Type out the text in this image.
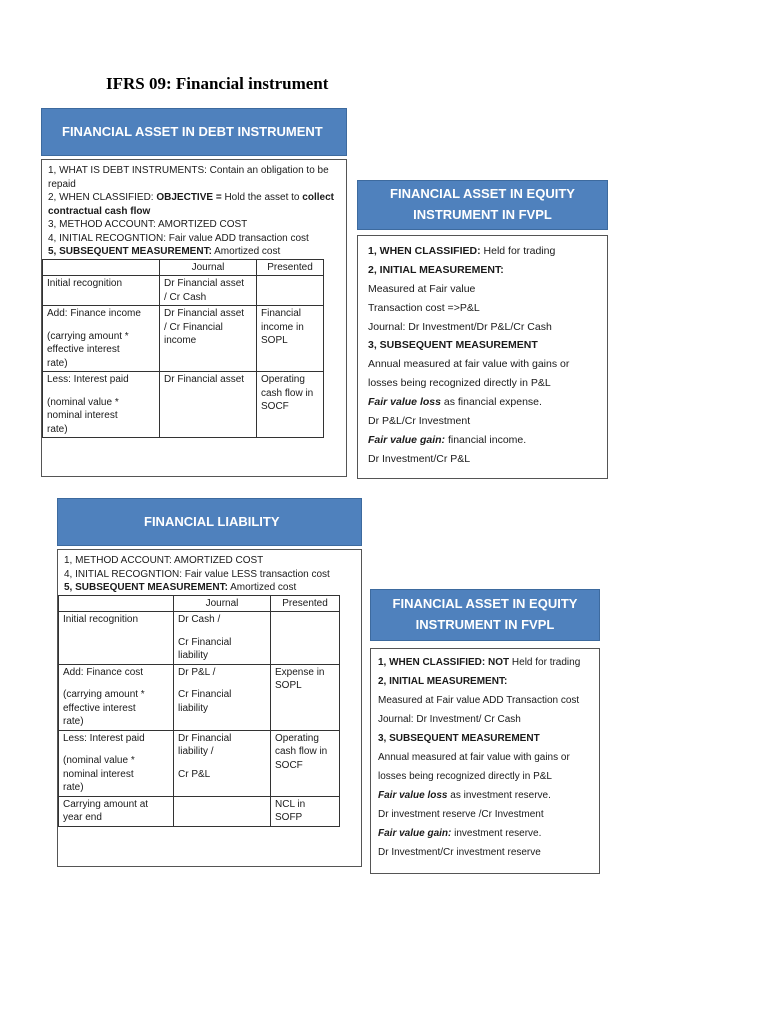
IFRS 09: Financial instrument
FINANCIAL ASSET IN DEBT INSTRUMENT

1, WHAT IS DEBT INSTRUMENTS: Contain an obligation to be repaid

2, WHEN CLASSIFIED: OBJECTIVE = Hold the asset to collect contractual cash flow

3, METHOD ACCOUNT: AMORTIZED COST

4, INITIAL RECOGNTION: Fair value ADD transaction cost

5, SUBSEQUENT MEASUREMENT: Amortized cost

	Journal	Presented

Initial recognition	Dr Financial asset
/ Cr Cash	

Add: Finance income
(carrying amount *
effective interest
rate)	Dr Financial asset
/ Cr Financial
income	Financial
income in
SOPL

Less: Interest paid
(nominal value *
nominal interest
rate)	Dr Financial asset	Operating
cash flow in
SOCF
FINANCIAL ASSET IN EQUITY
INSTRUMENT IN FVPL

1, WHEN CLASSIFIED: Held for trading

2, INITIAL MEASUREMENT:

Measured at Fair value

Transaction cost =>P&L

Journal: Dr Investment/Dr P&L/Cr Cash

3, SUBSEQUENT MEASUREMENT

Annual measured at fair value with gains or

losses being recognized directly in P&L

Fair value loss as financial expense.

Dr P&L/Cr Investment

Fair value gain: financial income.

Dr Investment/Cr P&L

FINANCIAL LIABILITY

1, METHOD ACCOUNT: AMORTIZED COST

4, INITIAL RECOGNTION: Fair value LESS transaction cost

5, SUBSEQUENT MEASUREMENT: Amortized cost

	Journal	Presented

Initial recognition	Dr Cash /
Cr Financial
liability	

Add: Finance cost
(carrying amount *
effective interest
rate)	Dr P&L /
Cr Financial
liability	Expense in
SOPL

Less: Interest paid
(nominal value *
nominal interest
rate)	Dr Financial
liability /
Cr P&L	Operating
cash flow in
SOCF

Carrying amount at
year end		NCL in SOFP
FINANCIAL ASSET IN EQUITY
INSTRUMENT IN FVPL

1, WHEN CLASSIFIED: NOT Held for trading

2, INITIAL MEASUREMENT:

Measured at Fair value ADD Transaction cost

Journal: Dr Investment/ Cr Cash

3, SUBSEQUENT MEASUREMENT

Annual measured at fair value with gains or

losses being recognized directly in P&L

Fair value loss as investment reserve.

Dr investment reserve /Cr Investment

Fair value gain: investment reserve.

Dr Investment/Cr investment reserve
